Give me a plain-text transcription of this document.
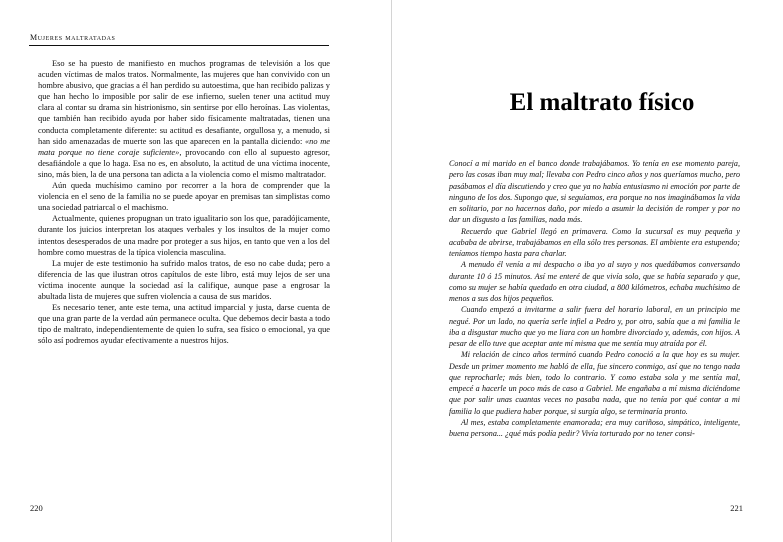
Mujeres maltratadas

Eso se ha puesto de manifiesto en muchos programas de televisión a los que acuden víctimas de malos tratos. Normalmente, las mujeres que han convivido con un hombre abusivo, que gracias a él han perdido su autoestima, que han recibido palizas y que han hecho lo imposible por salir de ese infierno, suelen tener una actitud muy clara al contar su drama sin histrionismo, sin sentirse por ello heroínas. Las violentas, que también han recibido ayuda por haber sido físicamente maltratadas, tienen una conducta completamente diferente: su actitud es desafiante, orgullosa y, a menudo, si han sido amenazadas de muerte son las que aparecen en la pantalla diciendo: «no me mata porque no tiene coraje suficiente», provocando con ello al supuesto agresor, desafiándole a que lo haga. Esa no es, en absoluto, la actitud de una víctima inocente, sino, más bien, la de una persona tan adicta a la violencia como el mismo maltratador.

Aún queda muchísimo camino por recorrer a la hora de comprender que la violencia en el seno de la familia no se puede apoyar en premisas tan simplistas como una sociedad patriarcal o el machismo.

Actualmente, quienes propugnan un trato igualitario son los que, paradójicamente, durante los juicios interpretan los ataques verbales y los insultos de la mujer como intentos desesperados de una madre por proteger a sus hijos, en tanto que ven a los del hombre como muestras de la típica violencia masculina.

La mujer de este testimonio ha sufrido malos tratos, de eso no cabe duda; pero a diferencia de las que ilustran otros capítulos de este libro, está muy lejos de ser una víctima inocente aunque la sociedad así la califique, aunque pase a engrosar la abultada lista de mujeres que sufren violencia a causa de sus maridos.

Es necesario tener, ante este tema, una actitud imparcial y justa, darse cuenta de que una gran parte de la verdad aún permanece oculta. Que debemos decir basta a todo tipo de maltrato, independientemente de quien lo sufra, sea físico o emocional, ya que sólo así podremos ayudar efectivamente a nuestros hijos.

220
El maltrato físico

Conocí a mi marido en el banco donde trabajábamos. Yo tenía en ese momento pareja, pero las cosas iban muy mal; llevaba con Pedro cinco años y nos queríamos mucho, pero pasábamos el día discutiendo y creo que ya no había entusiasmo ni emoción por parte de ninguno de los dos. Supongo que, si seguíamos, era porque no nos imaginábamos la vida en solitario, por no hacernos daño, por miedo a asumir la decisión de romper y por no dar un disgusto a las familias, nada más.

Recuerdo que Gabriel llegó en primavera. Como la sucursal es muy pequeña y acababa de abrirse, trabajábamos en ella sólo tres personas. El ambiente era estupendo; teníamos tiempo hasta para charlar.

A menudo él venía a mi despacho o iba yo al suyo y nos quedábamos conversando durante 10 ó 15 minutos. Así me enteré de que vivía solo, que se había separado y que, como su mujer se había quedado en otra ciudad, a 800 kilómetros, echaba muchísimo de menos a sus dos hijos pequeños.

Cuando empezó a invitarme a salir fuera del horario laboral, en un principio me negué. Por un lado, no quería serle infiel a Pedro y, por otro, sabía que a mi familia le iba a disgustar mucho que yo me liara con un hombre divorciado y, además, con hijos. A pesar de ello tuve que aceptar ante mí misma que me sentía muy atraída por él.

Mi relación de cinco años terminó cuando Pedro conoció a la que hoy es su mujer. Desde un primer momento me habló de ella, fue sincero conmigo, así que no tengo nada que reprocharle; más bien, todo lo contrario. Y como estaba sola y me sentía mal, empecé a hacerle un poco más de caso a Gabriel. Me engañaba a mí misma diciéndome que por salir unas cuantas veces no pasaba nada, que no tenía por qué contar a mi familia lo que pudiera haber porque, si surgía algo, se terminaría pronto.

Al mes, estaba completamente enamorada; era muy cariñoso, simpático, inteligente, buena persona... ¿qué más podía pedir? Vivía torturado por no tener consi-

221
